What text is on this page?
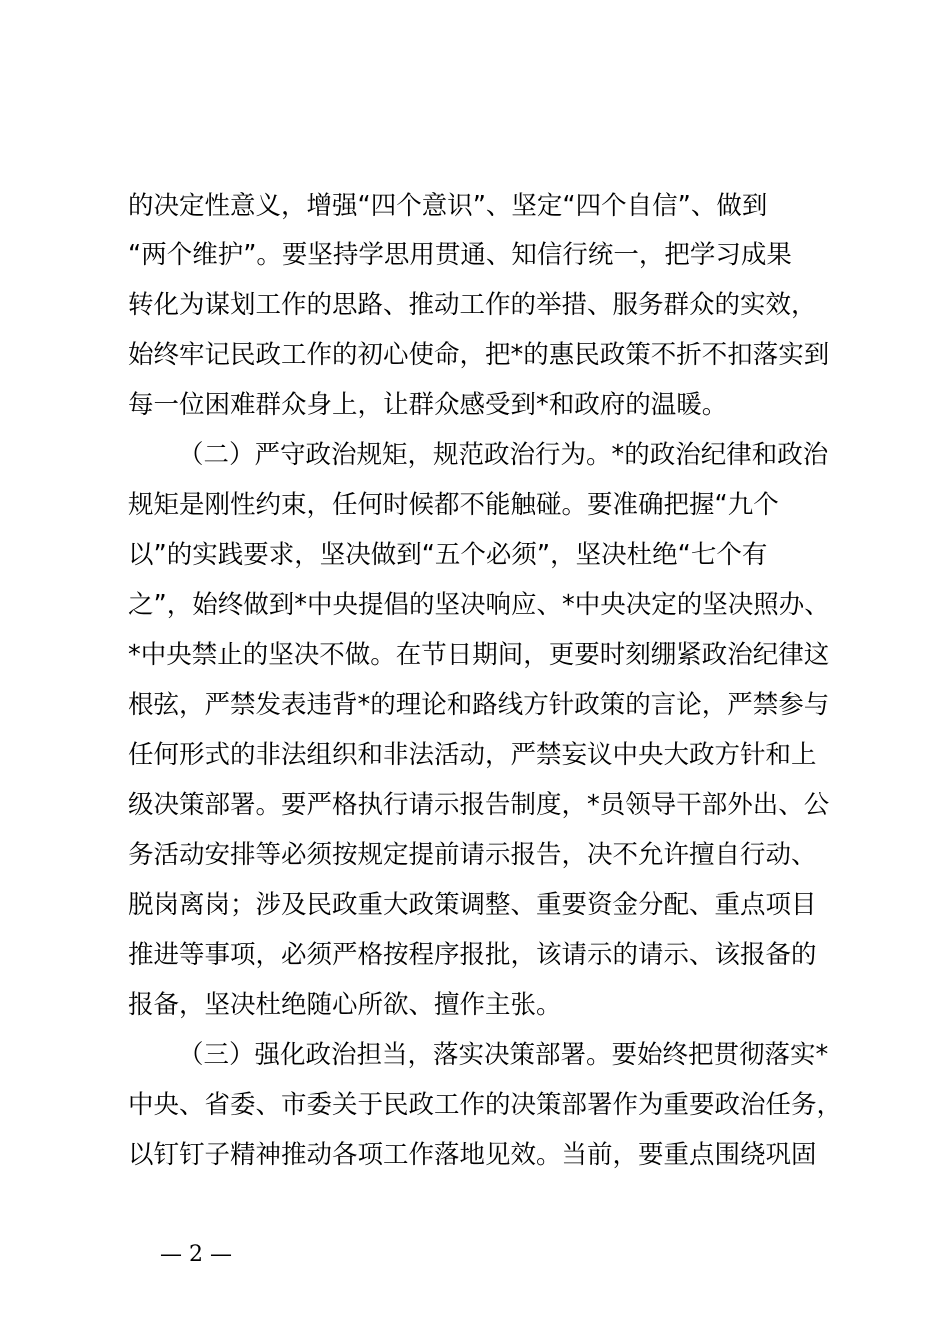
的决定性意义，增强“四个意识”、坚定“四个自信”、做到
“两个维护”。要坚持学思用贯通、知信行统一，把学习成果
转化为谋划工作的思路、推动工作的举措、服务群众的实效，
始终牢记民政工作的初心使命，把*的惠民政策不折不扣落实到
每一位困难群众身上，让群众感受到*和政府的温暖。
（二）严守政治规矩，规范政治行为。*的政治纪律和政治
规矩是刚性约束，任何时候都不能触碰。要准确把握“九个
以”的实践要求，坚决做到“五个必须”，坚决杜绝“七个有
之”，始终做到*中央提倡的坚决响应、*中央决定的坚决照办、
*中央禁止的坚决不做。在节日期间，更要时刻绷紧政治纪律这
根弦，严禁发表违背*的理论和路线方针政策的言论，严禁参与
任何形式的非法组织和非法活动，严禁妄议中央大政方针和上
级决策部署。要严格执行请示报告制度，*员领导干部外出、公
务活动安排等必须按规定提前请示报告，决不允许擅自行动、
脱岗离岗；涉及民政重大政策调整、重要资金分配、重点项目
推进等事项，必须严格按程序报批，该请示的请示、该报备的
报备，坚决杜绝随心所欲、擅作主张。
（三）强化政治担当，落实决策部署。要始终把贯彻落实*
中央、省委、市委关于民政工作的决策部署作为重要政治任务，
以钉钉子精神推动各项工作落地见效。当前，要重点围绕巩固
— 2 —
